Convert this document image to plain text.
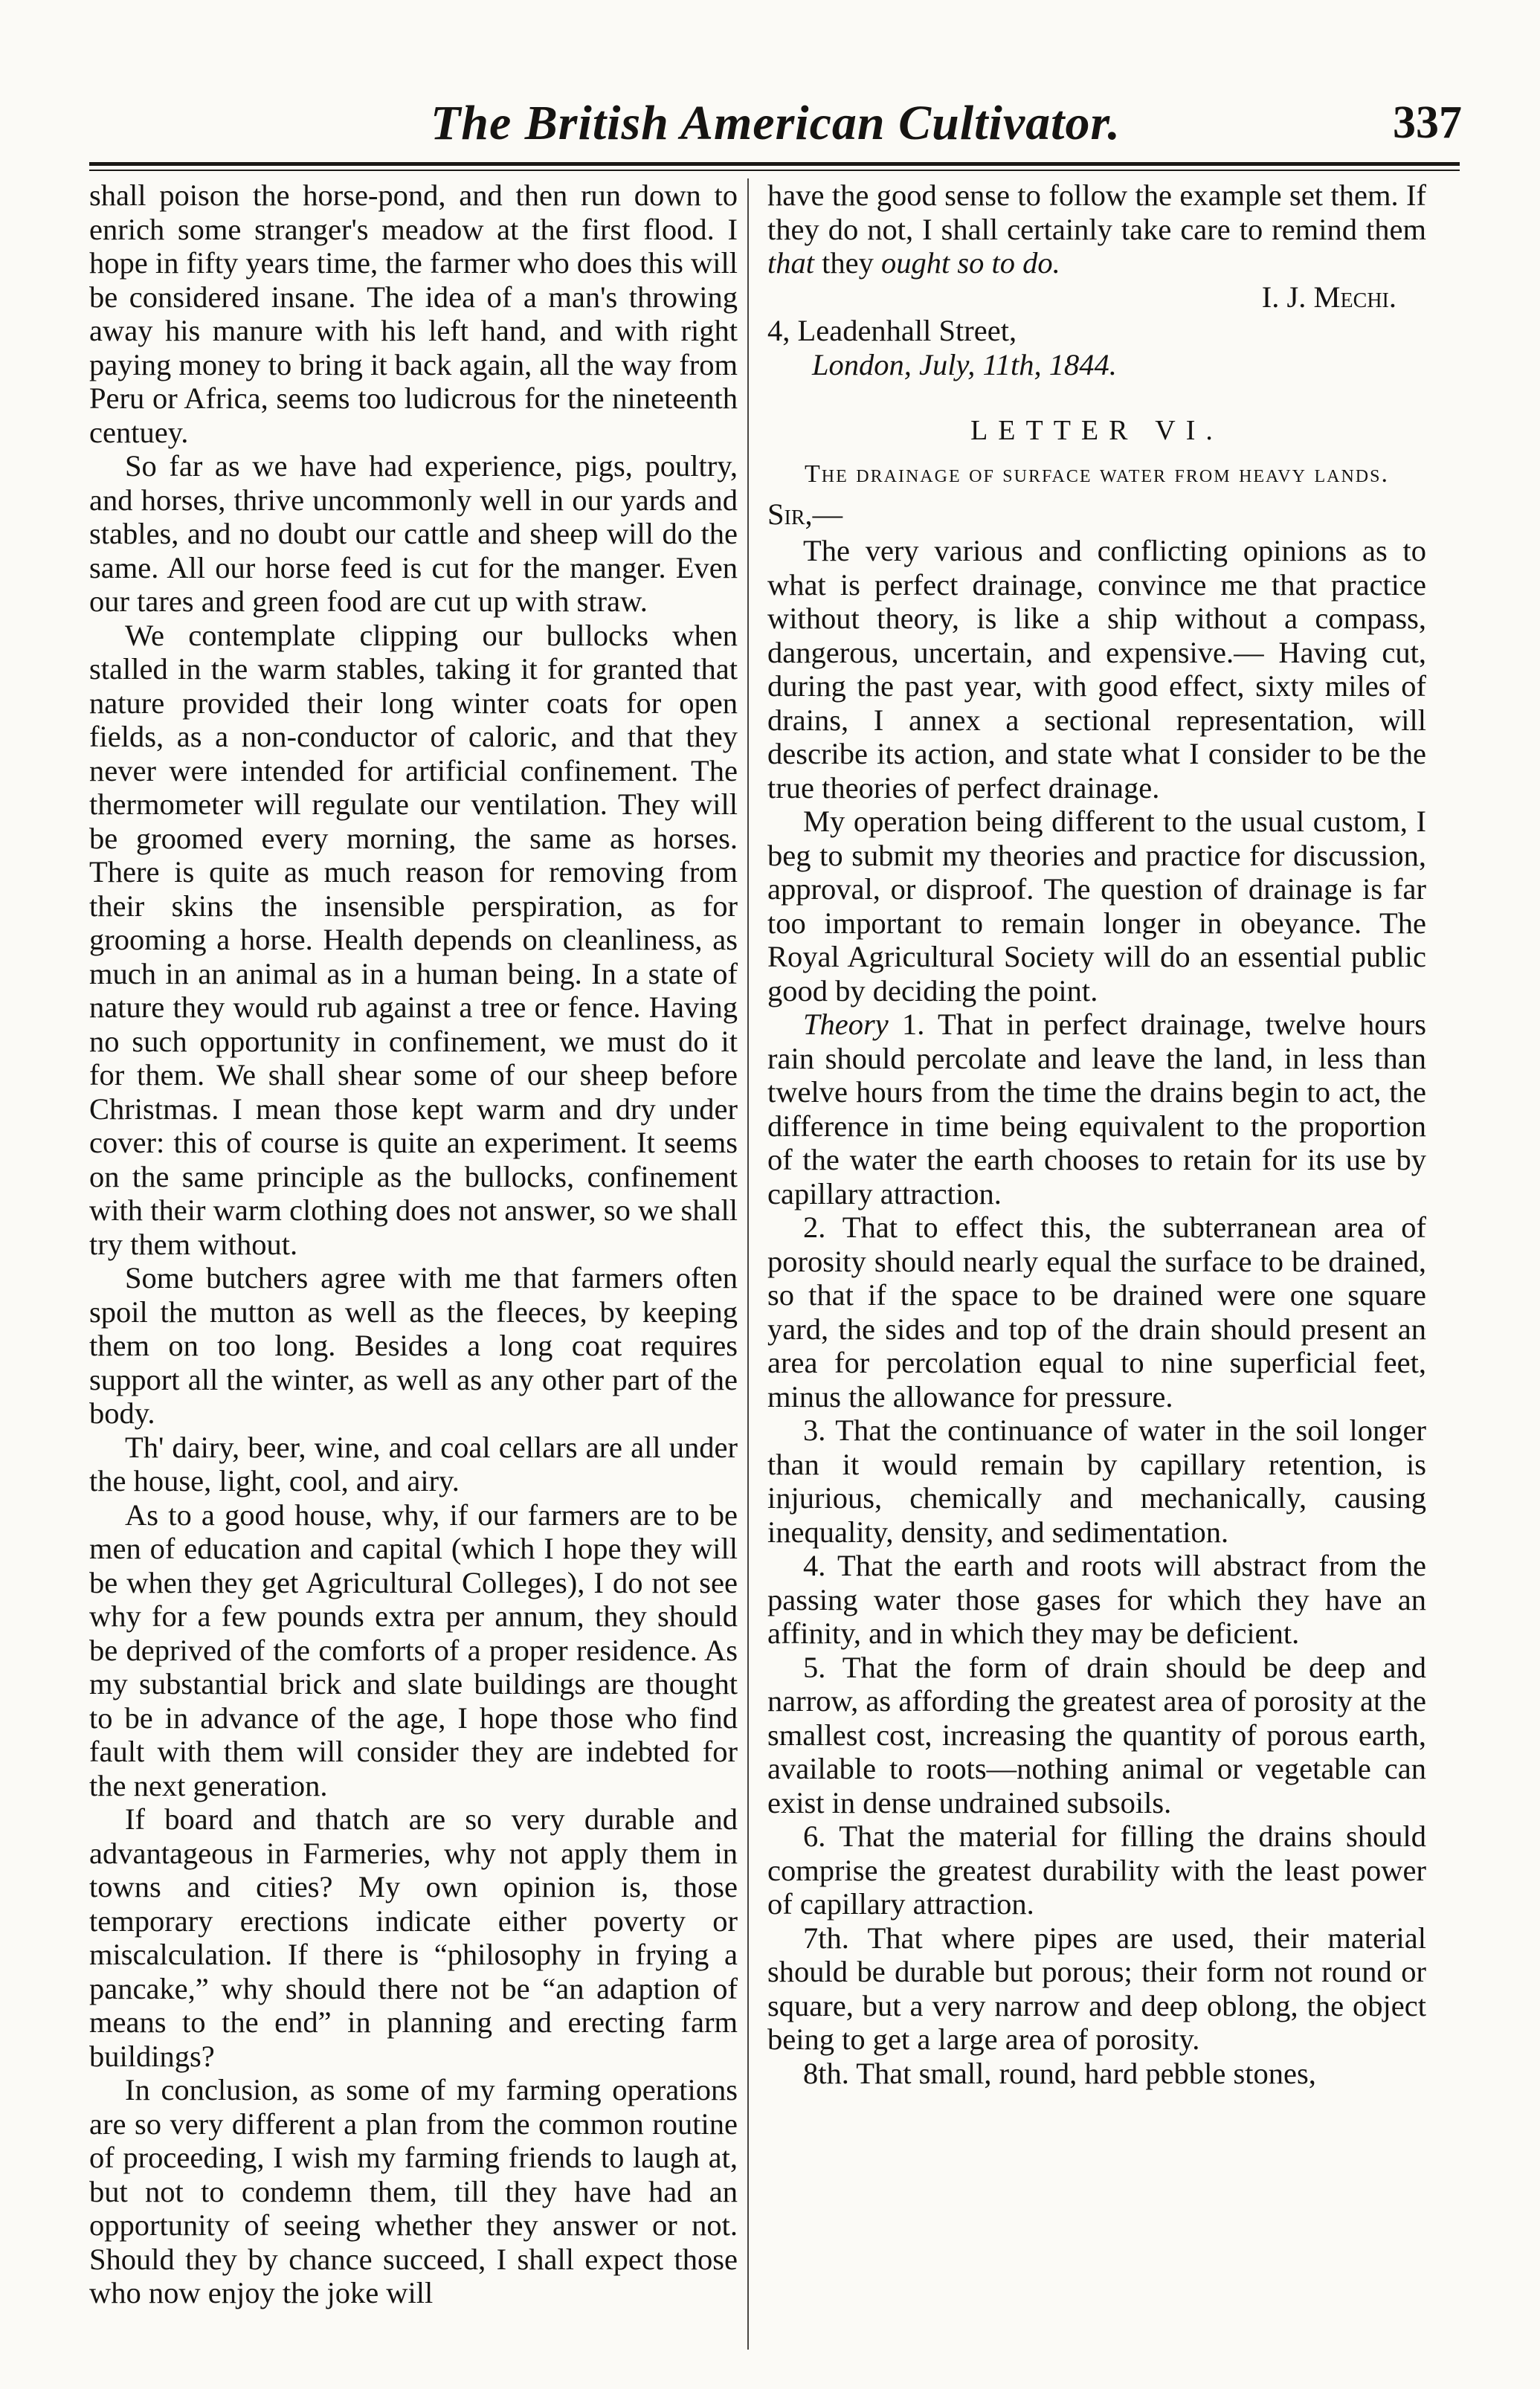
The British American Cultivator.	337

shall poison the horse-pond, and then run down to enrich some stranger's meadow at the first flood. I hope in fifty years time, the farmer who does this will be considered insane. The idea of a man's throwing away his manure with his left hand, and with right paying money to bring it back again, all the way from Peru or Africa, seems too ludicrous for the nineteenth centuey.

So far as we have had experience, pigs, poultry, and horses, thrive uncommonly well in our yards and stables, and no doubt our cattle and sheep will do the same. All our horse feed is cut for the manger. Even our tares and green food are cut up with straw.

We contemplate clipping our bullocks when stalled in the warm stables, taking it for granted that nature provided their long winter coats for open fields, as a non-conductor of caloric, and that they never were intended for artificial confinement. The thermometer will regulate our ventilation. They will be groomed every morning, the same as horses. There is quite as much reason for removing from their skins the insensible perspiration, as for grooming a horse. Health depends on cleanliness, as much in an animal as in a human being. In a state of nature they would rub against a tree or fence. Having no such opportunity in confinement, we must do it for them. We shall shear some of our sheep before Christmas. I mean those kept warm and dry under cover: this of course is quite an experiment. It seems on the same principle as the bullocks, confinement with their warm clothing does not answer, so we shall try them without.

Some butchers agree with me that farmers often spoil the mutton as well as the fleeces, by keeping them on too long. Besides a long coat requires support all the winter, as well as any other part of the body.

Th' dairy, beer, wine, and coal cellars are all under the house, light, cool, and airy.

As to a good house, why, if our farmers are to be men of education and capital (which I hope they will be when they get Agricultural Colleges), I do not see why for a few pounds extra per annum, they should be deprived of the comforts of a proper residence. As my substantial brick and slate buildings are thought to be in advance of the age, I hope those who find fault with them will consider they are indebted for the next generation.

If board and thatch are so very durable and advantageous in Farmeries, why not apply them in towns and cities? My own opinion is, those temporary erections indicate either poverty or miscalculation. If there is “philosophy in frying a pancake,” why should there not be “an adaption of means to the end” in planning and erecting farm buildings?

In conclusion, as some of my farming operations are so very different a plan from the common routine of proceeding, I wish my farming friends to laugh at, but not to condemn them, till they have had an opportunity of seeing whether they answer or not. Should they by chance succeed, I shall expect those who now enjoy the joke will

have the good sense to follow the example set them. If they do not, I shall certainly take care to remind them that they ought so to do.

I. J. Mechi.

4, Leadenhall Street,

London, July, 11th, 1844.

LETTER VI.
The drainage of surface water from heavy lands.

Sir,—

The very various and conflicting opinions as to what is perfect drainage, convince me that practice without theory, is like a ship without a compass, dangerous, uncertain, and expensive.— Having cut, during the past year, with good effect, sixty miles of drains, I annex a sectional representation, will describe its action, and state what I consider to be the true theories of perfect drainage.

My operation being different to the usual custom, I beg to submit my theories and practice for discussion, approval, or disproof. The question of drainage is far too important to remain longer in obeyance. The Royal Agricultural Society will do an essential public good by deciding the point.

Theory 1. That in perfect drainage, twelve hours rain should percolate and leave the land, in less than twelve hours from the time the drains begin to act, the difference in time being equivalent to the proportion of the water the earth chooses to retain for its use by capillary attraction.

2. That to effect this, the subterranean area of porosity should nearly equal the surface to be drained, so that if the space to be drained were one square yard, the sides and top of the drain should present an area for percolation equal to nine superficial feet, minus the allowance for pressure.

3. That the continuance of water in the soil longer than it would remain by capillary retention, is injurious, chemically and mechanically, causing inequality, density, and sedimentation.

4. That the earth and roots will abstract from the passing water those gases for which they have an affinity, and in which they may be deficient.

5. That the form of drain should be deep and narrow, as affording the greatest area of porosity at the smallest cost, increasing the quantity of porous earth, available to roots—nothing animal or vegetable can exist in dense undrained subsoils.

6. That the material for filling the drains should comprise the greatest durability with the least power of capillary attraction.

7th. That where pipes are used, their material should be durable but porous; their form not round or square, but a very narrow and deep oblong, the object being to get a large area of porosity.

8th. That small, round, hard pebble stones,
